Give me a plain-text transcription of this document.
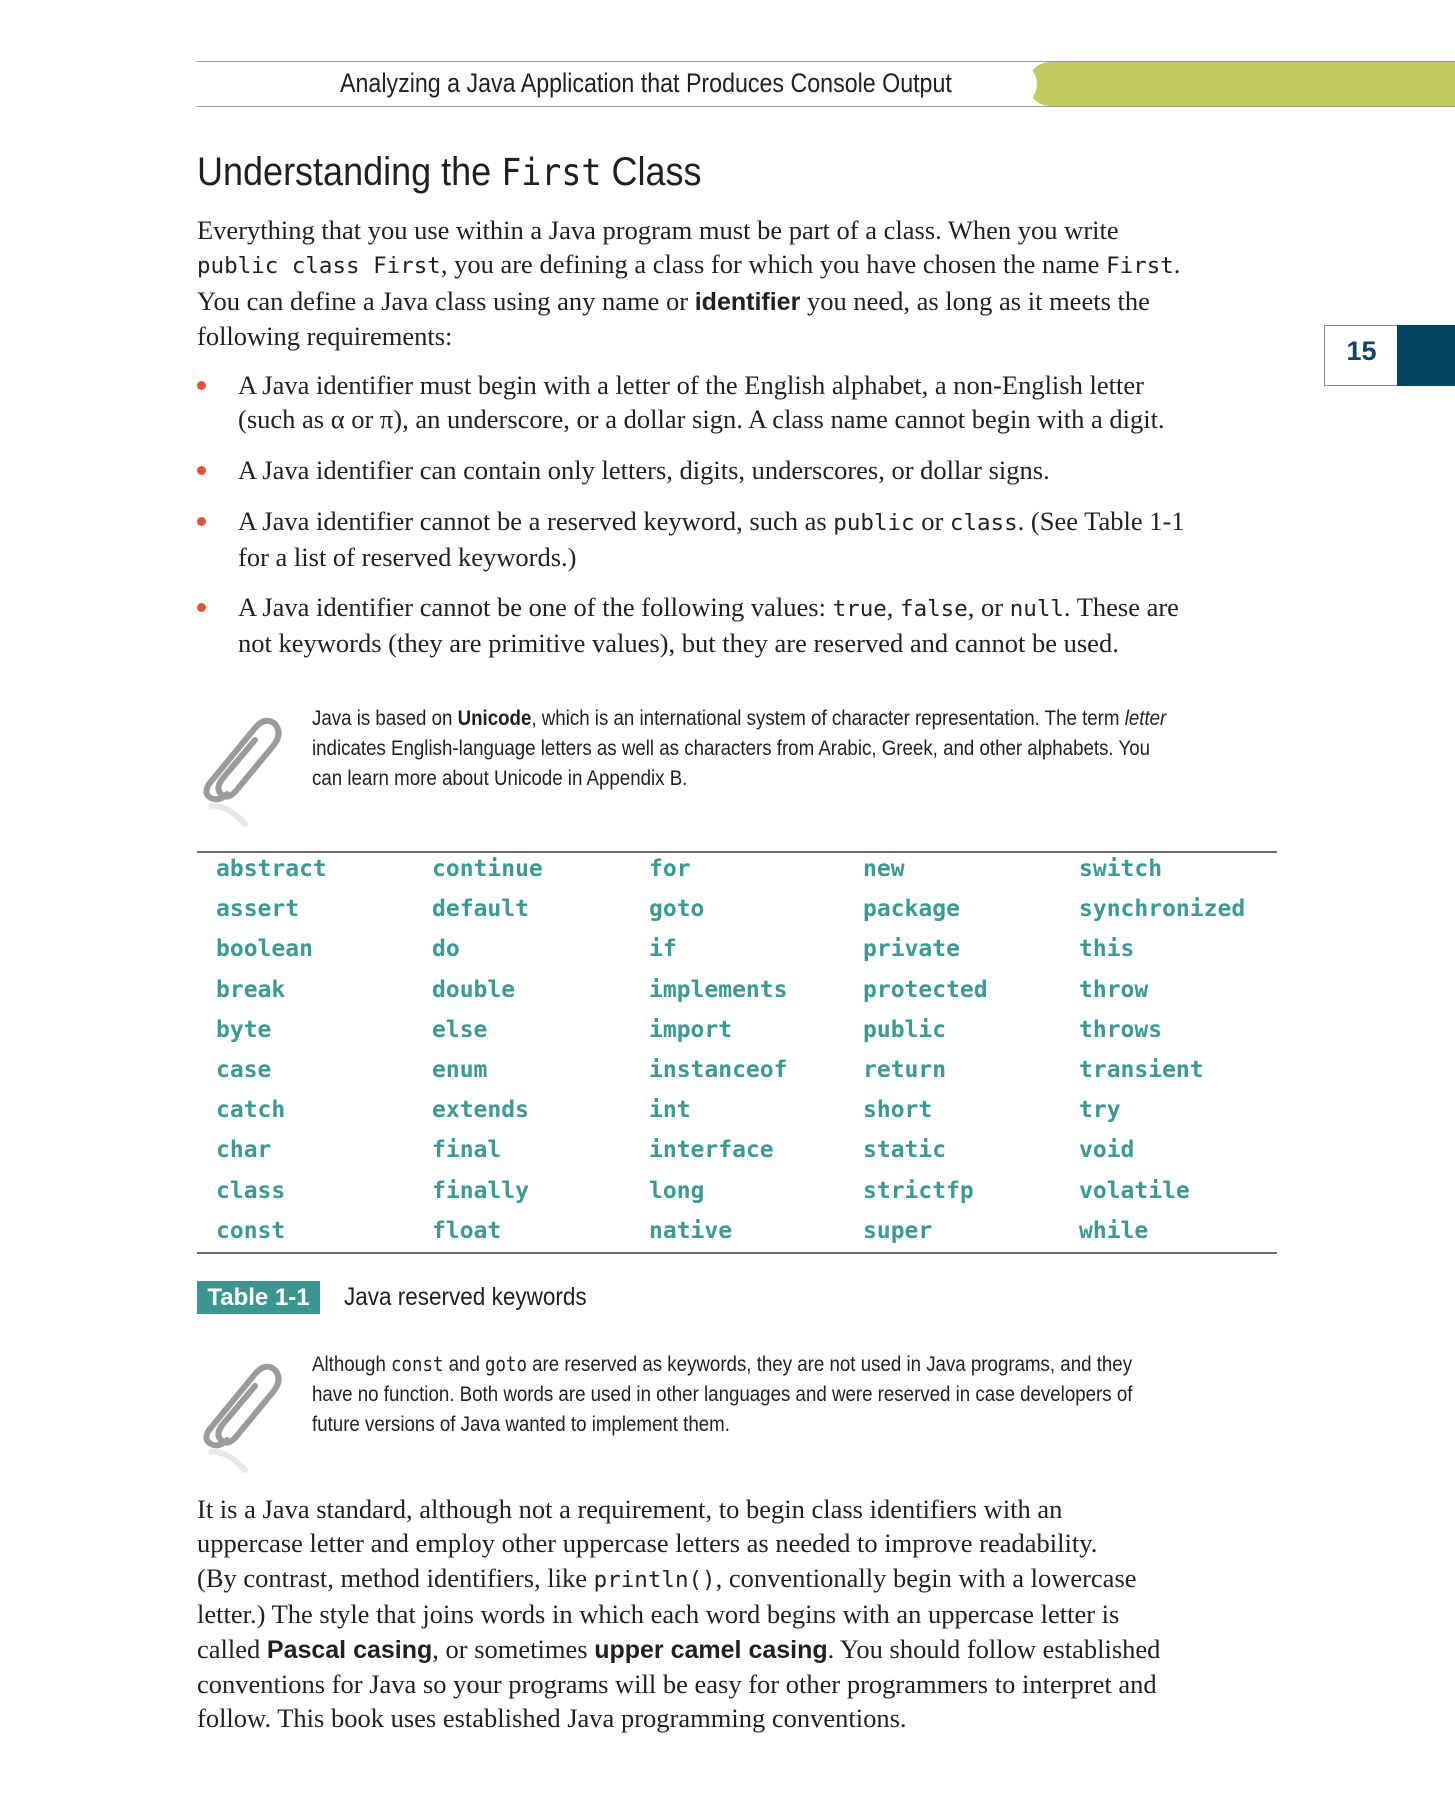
Analyzing a Java Application that Produces Console Output
15
Understanding the First Class
Everything that you use within a Java program must be part of a class. When you write
public class First, you are defining a class for which you have chosen the name First.
You can define a Java class using any name or identifier you need, as long as it meets the
following requirements:
A Java identifier must begin with a letter of the English alphabet, a non-English letter
(such as α or π), an underscore, or a dollar sign. A class name cannot begin with a digit.
A Java identifier can contain only letters, digits, underscores, or dollar signs.
A Java identifier cannot be a reserved keyword, such as public or class. (See Table 1-1
for a list of reserved keywords.)
A Java identifier cannot be one of the following values: true, false, or null. These are
not keywords (they are primitive values), but they are reserved and cannot be used.
Java is based on Unicode, which is an international system of character representation. The term letter
indicates English-language letters as well as characters from Arabic, Greek, and other alphabets. You
can learn more about Unicode in Appendix B.
abstract
assert
boolean
break
byte
case
catch
char
class
const
continue
default
do
double
else
enum
extends
final
finally
float
for
goto
if
implements
import
instanceof
int
interface
long
native
new
package
private
protected
public
return
short
static
strictfp
super
switch
synchronized
this
throw
throws
transient
try
void
volatile
while
Table 1-1	Java reserved keywords
Although const and goto are reserved as keywords, they are not used in Java programs, and they
have no function. Both words are used in other languages and were reserved in case developers of
future versions of Java wanted to implement them.
It is a Java standard, although not a requirement, to begin class identifiers with an
uppercase letter and employ other uppercase letters as needed to improve readability.
(By contrast, method identifiers, like println(), conventionally begin with a lowercase
letter.) The style that joins words in which each word begins with an uppercase letter is
called Pascal casing, or sometimes upper camel casing. You should follow established
conventions for Java so your programs will be easy for other programmers to interpret and
follow. This book uses established Java programming conventions.
